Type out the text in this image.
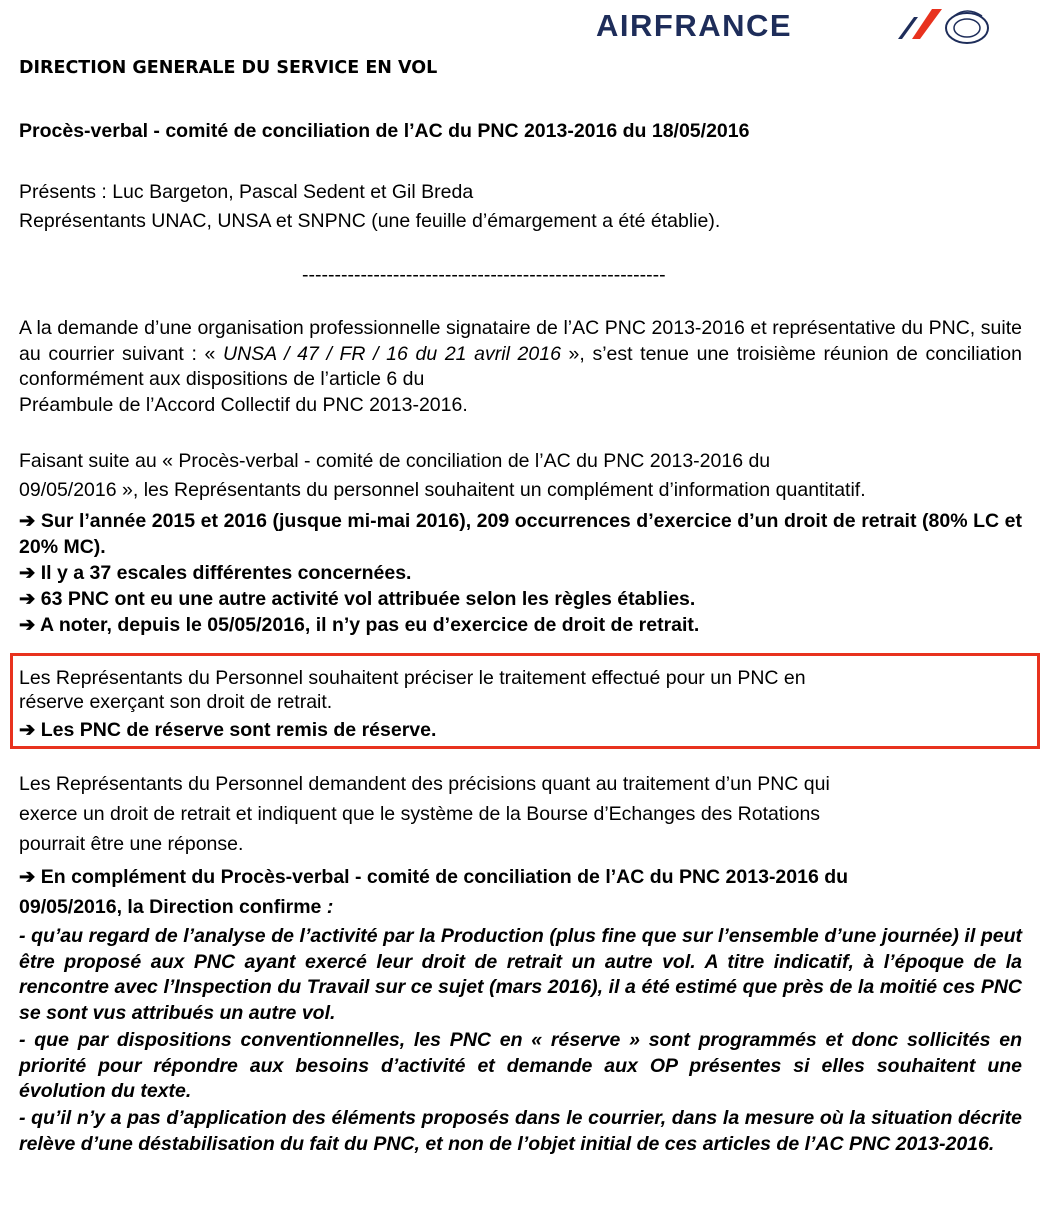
AIRFRANCE
DIRECTION GENERALE DU SERVICE EN VOL
Procès-verbal - comité de conciliation de l’AC du PNC 2013-2016 du 18/05/2016
Présents : Luc Bargeton, Pascal Sedent et Gil Breda
Représentants UNAC, UNSA et SNPNC (une feuille d’émargement a été établie).
--------------------------------------------------------
A la demande d’une organisation professionnelle signataire de l’AC PNC 2013-2016 et représentative du PNC, suite au courrier suivant : « UNSA / 47 / FR / 16 du 21 avril 2016 », s’est tenue une troisième réunion de conciliation conformément aux dispositions de l’article 6 du
Préambule de l’Accord Collectif du PNC 2013-2016.
Faisant suite au « Procès-verbal - comité de conciliation de l’AC du PNC 2013-2016 du
09/05/2016 », les Représentants du personnel souhaitent un complément d’information quantitatif.
➔ Sur l’année 2015 et 2016 (jusque mi-mai 2016), 209 occurrences d’exercice d’un droit de retrait (80% LC et 20% MC).
➔ Il y a 37 escales différentes concernées.
➔ 63 PNC ont eu une autre activité vol attribuée selon les règles établies.
➔ A noter, depuis le 05/05/2016, il n’y pas eu d’exercice de droit de retrait.
Les Représentants du Personnel souhaitent préciser le traitement effectué pour un PNC en
réserve exerçant son droit de retrait.
➔ Les PNC de réserve sont remis de réserve.
Les Représentants du Personnel demandent des précisions quant au traitement d’un PNC qui
exerce un droit de retrait et indiquent que le système de la Bourse d’Echanges des Rotations
pourrait être une réponse.
➔ En complément du Procès-verbal - comité de conciliation de l’AC du PNC 2013-2016 du
09/05/2016, la Direction confirme :
- qu’au regard de l’analyse de l’activité par la Production (plus fine que sur l’ensemble d’une journée) il peut être proposé aux PNC ayant exercé leur droit de retrait un autre vol. A titre indicatif, à l’époque de la rencontre avec l’Inspection du Travail sur ce sujet (mars 2016), il a été estimé que près de la moitié ces PNC se sont vus attribués un autre vol.
- que par dispositions conventionnelles, les PNC en « réserve » sont programmés et donc sollicités en priorité pour répondre aux besoins d’activité et demande aux OP présentes si elles souhaitent une évolution du texte.
- qu’il n’y a pas d’application des éléments proposés dans le courrier, dans la mesure où la situation décrite relève d’une déstabilisation du fait du PNC, et non de l’objet initial de ces articles de l’AC PNC 2013-2016.
